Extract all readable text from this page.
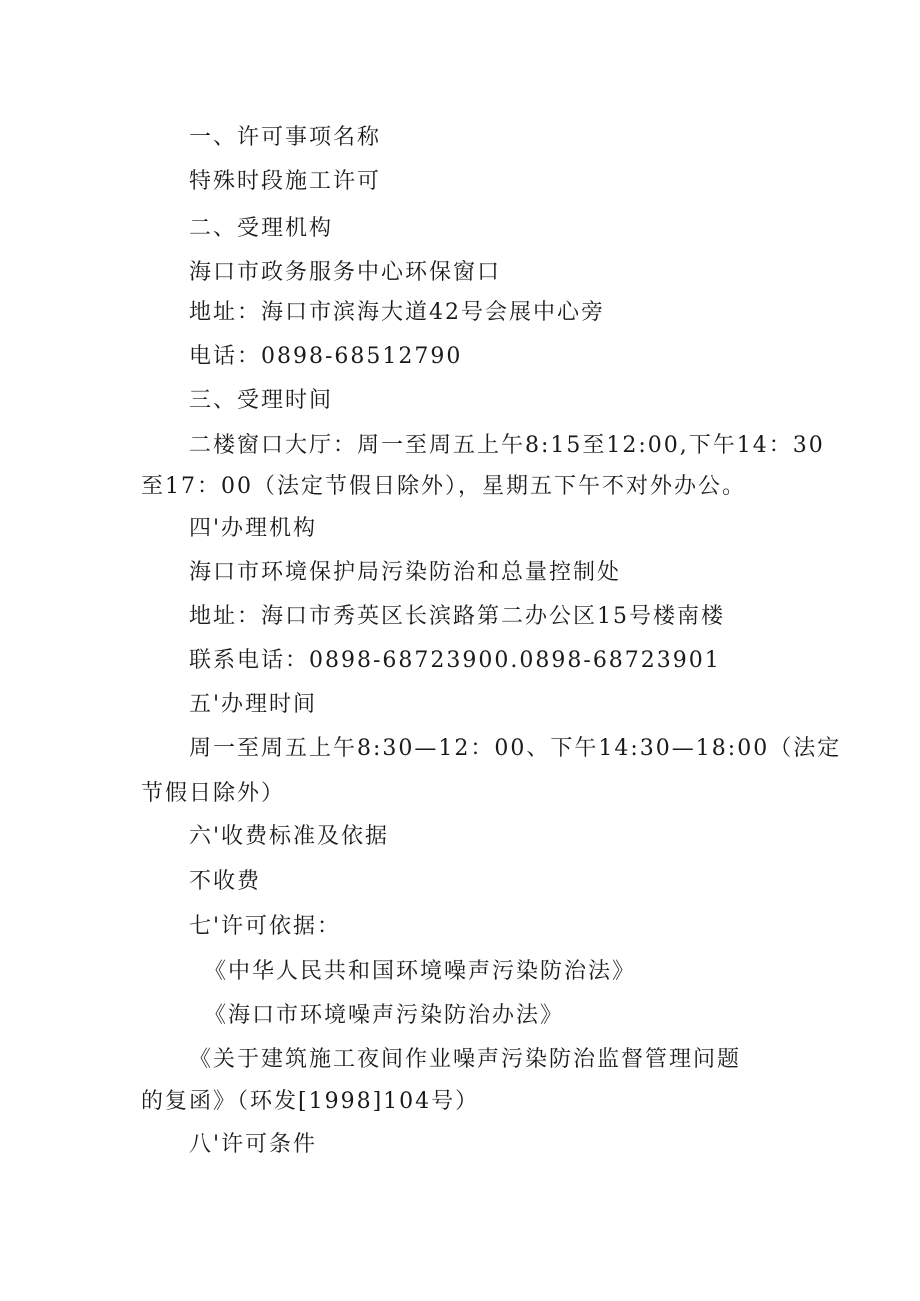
一、许可事项名称
特殊时段施工许可
二、受理机构
海口市政务服务中心环保窗口
地址：海口市滨海大道42号会展中心旁
电话：0898-68512790
三、受理时间
二楼窗口大厅：周一至周五上午8:15至12:00,下午14：30
至17：00（法定节假日除外），星期五下午不对外办公。
四'办理机构
海口市环境保护局污染防治和总量控制处
地址：海口市秀英区长滨路第二办公区15号楼南楼
联系电话：0898-68723900.0898-68723901
五'办理时间
周一至周五上午8:30—12：00、下午14:30—18:00（法定
节假日除外）
六'收费标准及依据
不收费
七'许可依据：
《中华人民共和国环境噪声污染防治法》
《海口市环境噪声污染防治办法》
《关于建筑施工夜间作业噪声污染防治监督管理问题
的复函》（环发[1998]104号）
八'许可条件
